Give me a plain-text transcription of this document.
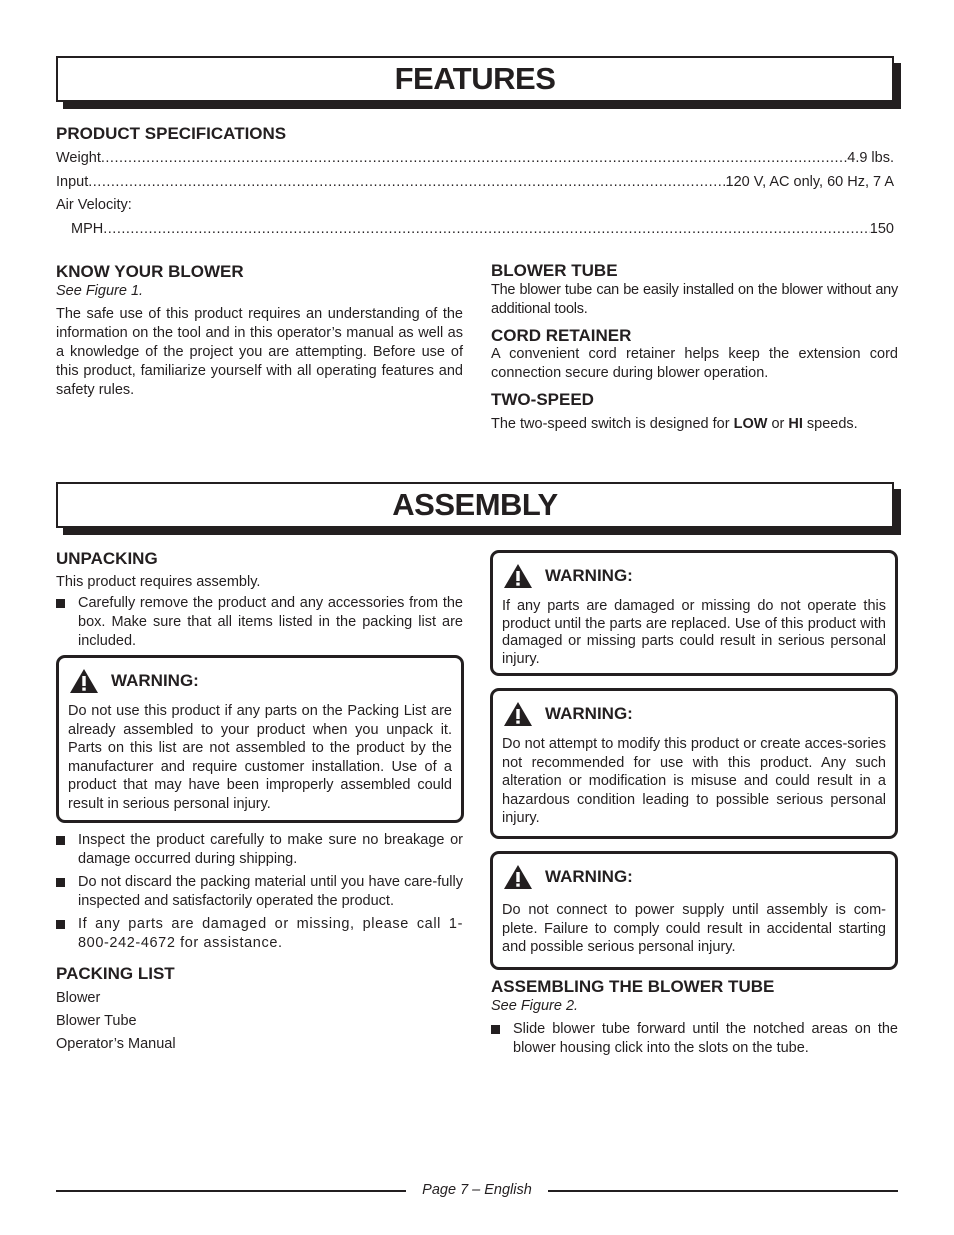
FEATURES
PRODUCT SPECIFICATIONS
Weight .....	4.9 lbs.
Input .....	120 V, AC only, 60 Hz, 7 A
Air Velocity:
MPH .....	150
KNOW YOUR BLOWER
See Figure 1.
The safe use of this product requires an understanding of the information on the tool and in this operator’s manual as well as a knowledge of the project you are attempting. Before use of this product, familiarize yourself with all operating features and safety rules.
BLOWER TUBE
The blower tube can be easily installed on the blower without any additional tools.
CORD RETAINER
A convenient cord retainer helps keep the extension cord connection secure during blower operation.
TWO-SPEED
The two-speed switch is designed for LOW or HI speeds.
ASSEMBLY
UNPACKING
This product requires assembly.
Carefully remove the product and any accessories from the box. Make sure that all items listed in the packing list are included.
WARNING:
Do not use this product if any parts on the Packing List are already assembled to your product when you unpack it. Parts on this list are not assembled to the product by the manufacturer and require customer installation. Use of a product that may have been improperly assembled could result in serious personal injury.
Inspect the product carefully to make sure no breakage or damage occurred during shipping.
Do not discard the packing material until you have care-fully inspected and satisfactorily operated the product.
If any parts are damaged or missing, please call 1-800-242-4672 for assistance.
PACKING LIST
Blower
Blower Tube
Operator’s Manual
WARNING:
If any parts are damaged or missing do not operate this product until the parts are replaced. Use of this product with damaged or missing parts could result in serious personal injury.
WARNING:
Do not attempt to modify this product or create acces-sories not recommended for use with this product. Any such alteration or modification is misuse and could result in a hazardous condition leading to possible serious personal injury.
WARNING:
Do not connect to power supply until assembly is com-plete. Failure to comply could result in accidental starting and possible serious personal injury.
ASSEMBLING THE BLOWER TUBE
See Figure 2.
Slide blower tube forward until the notched areas on the blower housing click into the slots on the tube.
Page 7 – English
